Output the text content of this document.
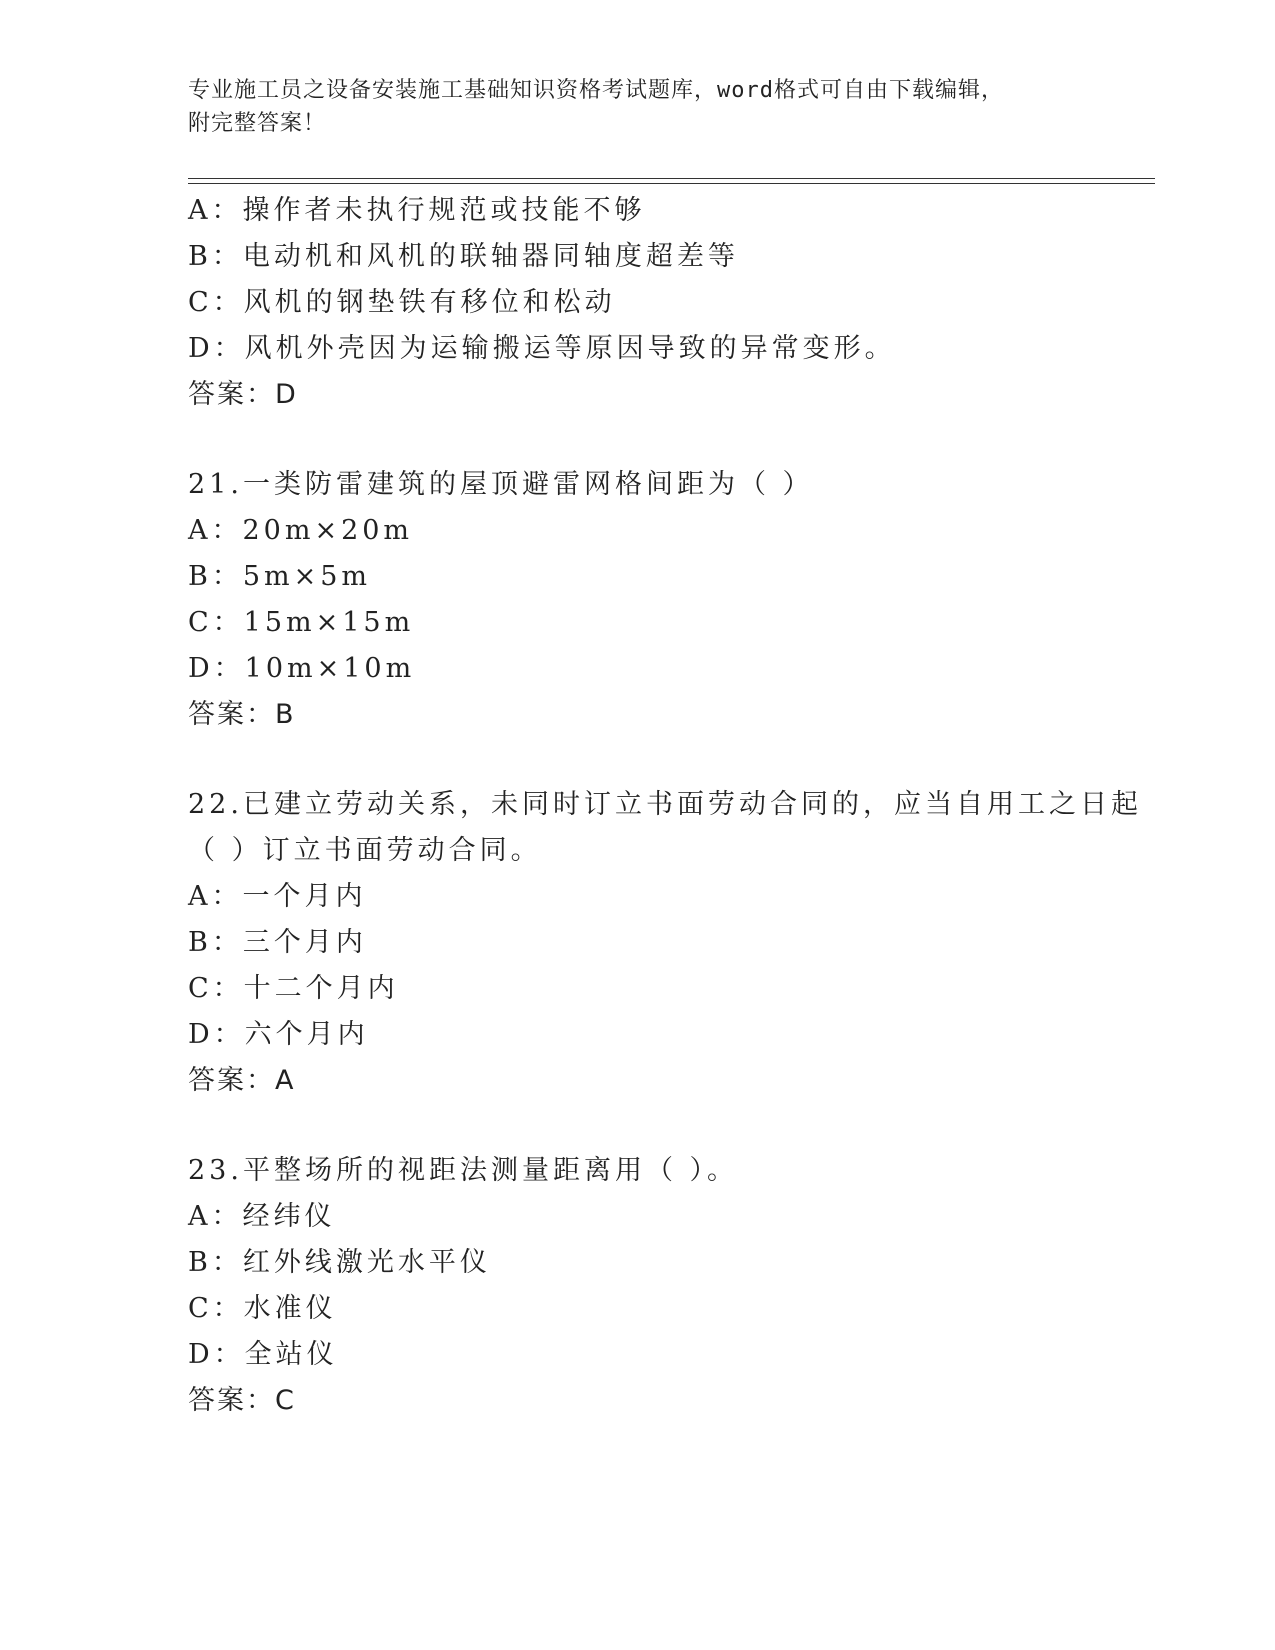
专业施工员之设备安装施工基础知识资格考试题库，word格式可自由下载编辑，
附完整答案！
A：操作者未执行规范或技能不够
B：电动机和风机的联轴器同轴度超差等
C：风机的钢垫铁有移位和松动
D：风机外壳因为运输搬运等原因导致的异常变形。
答案：D
21.一类防雷建筑的屋顶避雷网格间距为（ ）
A：20m×20m
B：5m×5m
C：15m×15m
D：10m×10m
答案：B
22.已建立劳动关系，未同时订立书面劳动合同的，应当自用工之日起
（ ）订立书面劳动合同。
A：一个月内
B：三个月内
C：十二个月内
D：六个月内
答案：A
23.平整场所的视距法测量距离用（ ）。
A：经纬仪
B：红外线激光水平仪
C：水准仪
D：全站仪
答案：C
